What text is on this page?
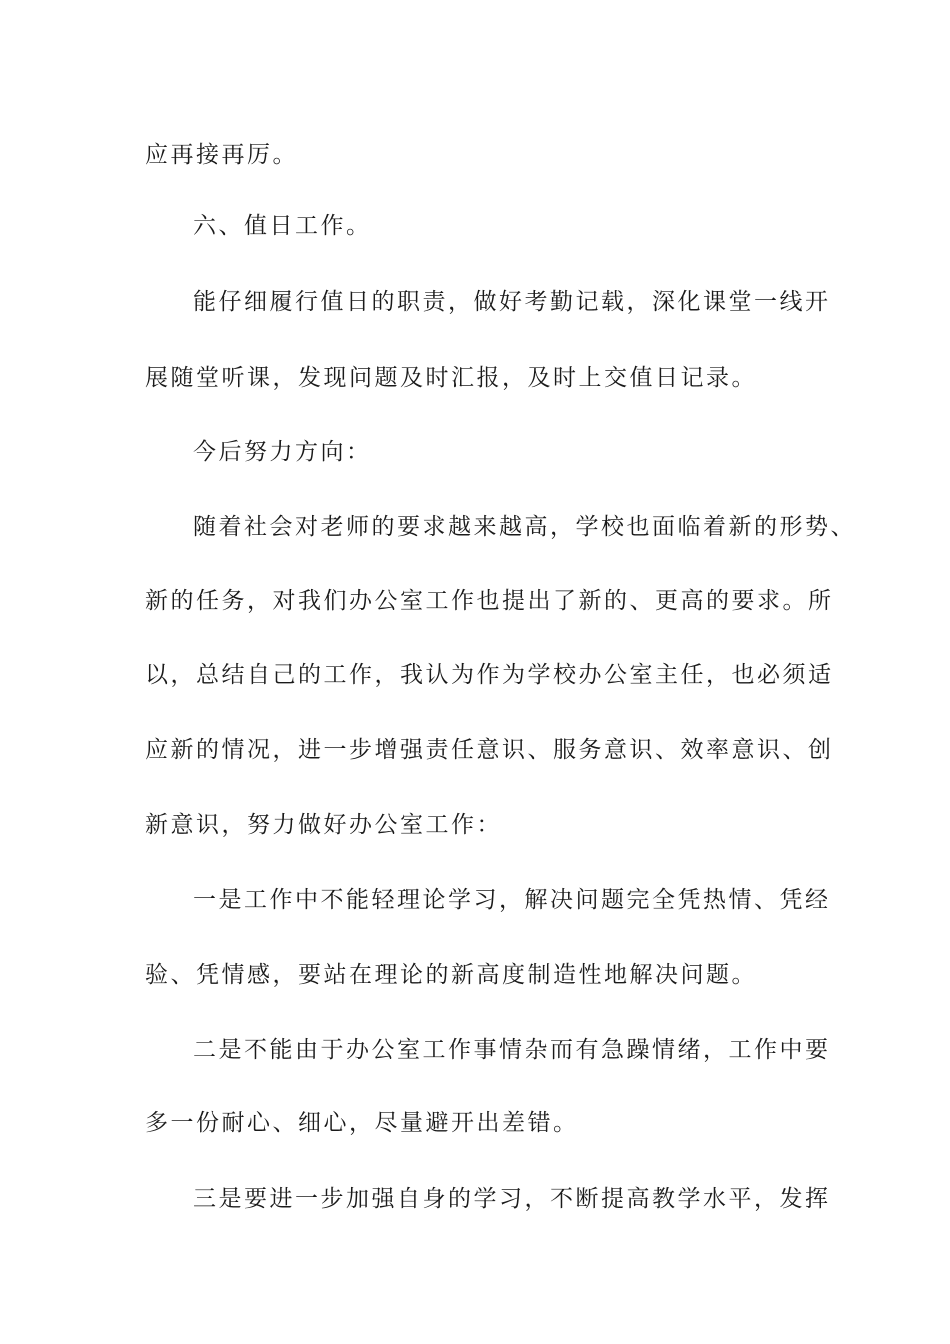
应再接再厉。
六、值日工作。
能仔细履行值日的职责，做好考勤记载，深化课堂一线开
展随堂听课，发现问题及时汇报，及时上交值日记录。
今后努力方向：
随着社会对老师的要求越来越高，学校也面临着新的形势、
新的任务，对我们办公室工作也提出了新的、更高的要求。所
以，总结自己的工作，我认为作为学校办公室主任，也必须适
应新的情况，进一步增强责任意识、服务意识、效率意识、创
新意识，努力做好办公室工作：
一是工作中不能轻理论学习，解决问题完全凭热情、凭经
验、凭情感，要站在理论的新高度制造性地解决问题。
二是不能由于办公室工作事情杂而有急躁情绪，工作中要
多一份耐心、细心，尽量避开出差错。
三是要进一步加强自身的学习，不断提高教学水平，发挥
